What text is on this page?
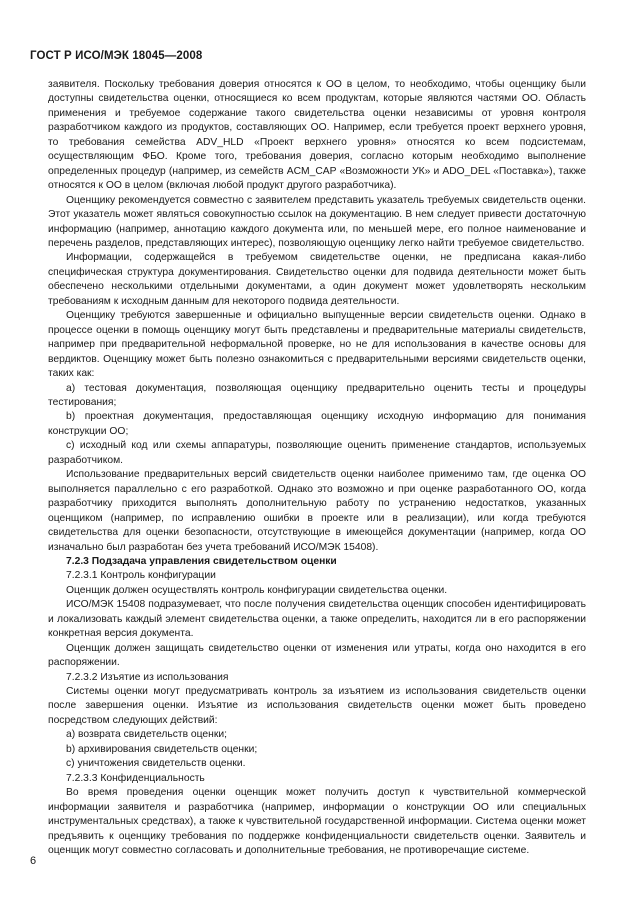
ГОСТ Р ИСО/МЭК 18045—2008

заявителя. Поскольку требования доверия относятся к ОО в целом, то необходимо, чтобы оценщику были доступны свидетельства оценки, относящиеся ко всем продуктам, которые являются частями ОО. Область применения и требуемое содержание такого свидетельства оценки независимы от уровня контроля разработчиком каждого из продуктов, составляющих ОО. Например, если требуется проект верхнего уровня, то требования семейства ADV_HLD «Проект верхнего уровня» относятся ко всем подсистемам, осуществляющим ФБО. Кроме того, требования доверия, согласно которым необходимо выполнение определенных процедур (например, из семейств ACM_CAP «Возможности УК» и ADO_DEL «Поставка»), также относятся к ОО в целом (включая любой продукт другого разработчика).

Оценщику рекомендуется совместно с заявителем представить указатель требуемых свидетельств оценки. Этот указатель может являться совокупностью ссылок на документацию. В нем следует привести достаточную информацию (например, аннотацию каждого документа или, по меньшей мере, его полное наименование и перечень разделов, представляющих интерес), позволяющую оценщику легко найти требуемое свидетельство.

Информации, содержащейся в требуемом свидетельстве оценки, не предписана какая-либо специфическая структура документирования. Свидетельство оценки для подвида деятельности может быть обеспечено несколькими отдельными документами, а один документ может удовлетворять нескольким требованиям к исходным данным для некоторого подвида деятельности.

Оценщику требуются завершенные и официально выпущенные версии свидетельств оценки. Однако в процессе оценки в помощь оценщику могут быть представлены и предварительные материалы свидетельств, например при предварительной неформальной проверке, но не для использования в качестве основы для вердиктов. Оценщику может быть полезно ознакомиться с предварительными версиями свидетельств оценки, таких как:

a) тестовая документация, позволяющая оценщику предварительно оценить тесты и процедуры тестирования;

b) проектная документация, предоставляющая оценщику исходную информацию для понимания конструкции ОО;

c) исходный код или схемы аппаратуры, позволяющие оценить применение стандартов, используемых разработчиком.

Использование предварительных версий свидетельств оценки наиболее применимо там, где оценка ОО выполняется параллельно с его разработкой. Однако это возможно и при оценке разработанного ОО, когда разработчику приходится выполнять дополнительную работу по устранению недостатков, указанных оценщиком (например, по исправлению ошибки в проекте или в реализации), или когда требуются свидетельства для оценки безопасности, отсутствующие в имеющейся документации (например, когда ОО изначально был разработан без учета требований ИСО/МЭК 15408).

7.2.3 Подзадача управления свидетельством оценки

7.2.3.1 Контроль конфигурации

Оценщик должен осуществлять контроль конфигурации свидетельства оценки.

ИСО/МЭК 15408 подразумевает, что после получения свидетельства оценщик способен идентифицировать и локализовать каждый элемент свидетельства оценки, а также определить, находится ли в его распоряжении конкретная версия документа.

Оценщик должен защищать свидетельство оценки от изменения или утраты, когда оно находится в его распоряжении.

7.2.3.2 Изъятие из использования

Системы оценки могут предусматривать контроль за изъятием из использования свидетельств оценки после завершения оценки. Изъятие из использования свидетельств оценки может быть проведено посредством следующих действий:

a) возврата свидетельств оценки;

b) архивирования свидетельств оценки;

c) уничтожения свидетельств оценки.

7.2.3.3 Конфиденциальность

Во время проведения оценки оценщик может получить доступ к чувствительной коммерческой информации заявителя и разработчика (например, информации о конструкции ОО или специальных инструментальных средствах), а также к чувствительной государственной информации. Система оценки может предъявить к оценщику требования по поддержке конфиденциальности свидетельств оценки. Заявитель и оценщик могут совместно согласовать и дополнительные требования, не противоречащие системе.

6
